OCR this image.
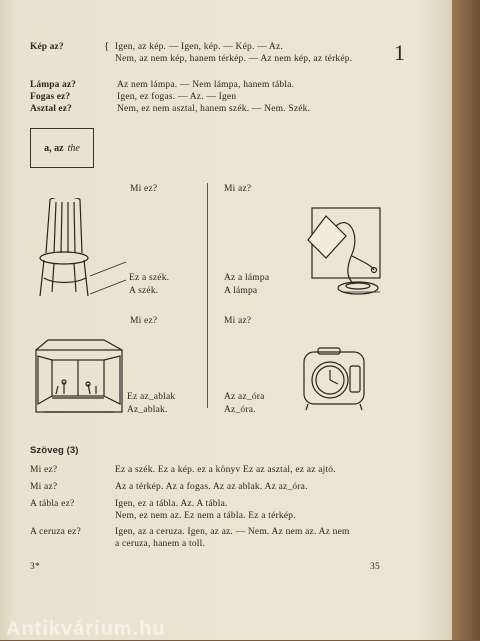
Kép az?	{ Igen, az kép. — Igen, kép. — Kép. — Az.
Nem, az nem kép, hanem térkép. — Az nem kép, az térkép. 1
Lámpa az?	Az nem lámpa. — Nem lámpa, hanem tábla.
Fogas ez?	Igen, ez fogas. — Az. — Igen
Asztal ez?	Nem, ez nem asztal, hanem szék. — Nem. Szék.
a, az the
Mi ez?	Mi az?
Ez a szék.
A szék.
Az a lámpa
A lámpa
Mi ez?	Mi az?
Ez az_ablak
Az_ablak.
Az az_óra
Az_óra.
Szöveg (3)
Mi ez?	Ez a szék. Ez a kép. ez a könyv Ez az asztal, ez az ajtó.
Mi az?	Az a térkép. Az a fogas. Az az ablak. Az az_óra.
A tábla ez?	Igen, ez a tábla. Az. A tábla.
Nem, ez nem az. Ez nem a tábla. Ez a térkép.
A ceruza ez?	Igen, az a ceruza. Igen, az az. — Nem. Az nem az. Az nem
a ceruza, hanem a toll.
3*	35
Antikvárium.hu
